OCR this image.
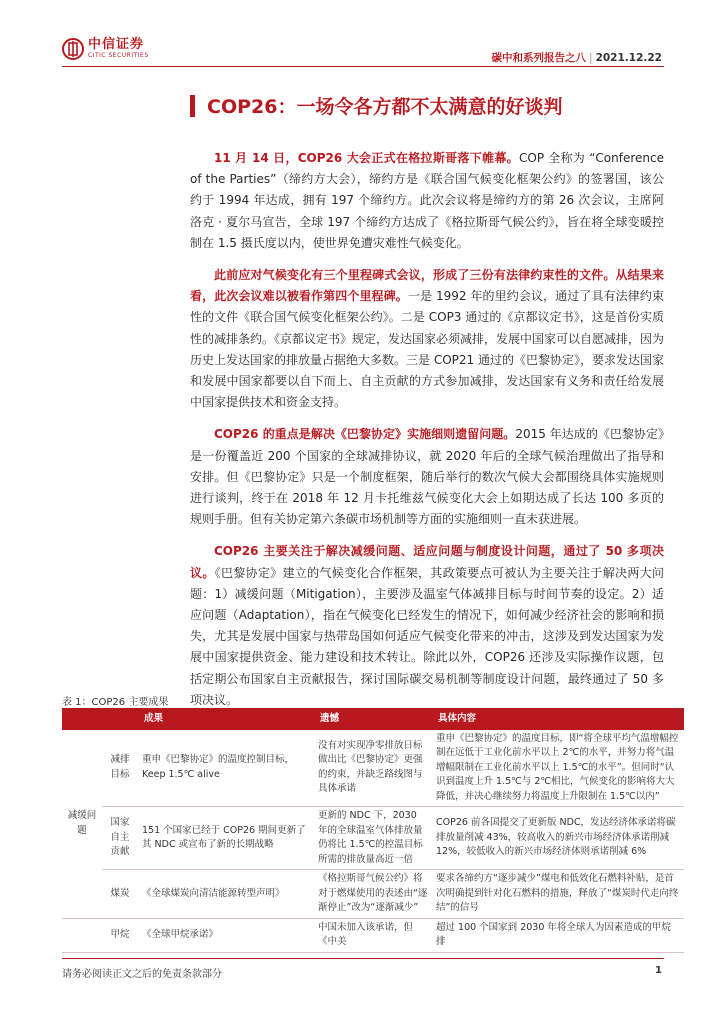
中信证券
CITIC SECURITIES	碳中和系列报告之八 | 2021.12.22
COP26：一场令各方都不太满意的好谈判

11 月 14 日，COP26 大会正式在格拉斯哥落下帷幕。COP 全称为 “Conference of the Parties”（缔约方大会），缔约方是《联合国气候变化框架公约》的签署国，该公约于 1994 年达成，拥有 197 个缔约方。此次会议将是缔约方的第 26 次会议，主席阿洛克 · 夏尔马宣告，全球 197 个缔约方达成了《格拉斯哥气候公约》，旨在将全球变暖控制在 1.5 摄氏度以内，使世界免遭灾难性气候变化。

此前应对气候变化有三个里程碑式会议，形成了三份有法律约束性的文件。从结果来看，此次会议难以被看作第四个里程碑。一是 1992 年的里约会议，通过了具有法律约束性的文件《联合国气候变化框架公约》。二是 COP3 通过的《京都议定书》，这是首份实质性的减排条约。《京都议定书》规定，发达国家必须减排，发展中国家可以自愿减排，因为历史上发达国家的排放量占据绝大多数。三是 COP21 通过的《巴黎协定》，要求发达国家和发展中国家都要以自下而上、自主贡献的方式参加减排，发达国家有义务和责任给发展中国家提供技术和资金支持。

COP26 的重点是解决《巴黎协定》实施细则遗留问题。2015 年达成的《巴黎协定》是一份覆盖近 200 个国家的全球减排协议，就 2020 年后的全球气候治理做出了指导和安排。但《巴黎协定》只是一个制度框架，随后举行的数次气候大会都围绕具体实施规则进行谈判，终于在 2018 年 12 月卡托维兹气候变化大会上如期达成了长达 100 多页的规则手册。但有关协定第六条碳市场机制等方面的实施细则一直未获进展。

COP26 主要关注于解决减缓问题、适应问题与制度设计问题，通过了 50 多项决议。《巴黎协定》建立的气候变化合作框架，其政策要点可被认为主要关注于解决两大问题：1）减缓问题（Mitigation），主要涉及温室气体减排目标与时间节奏的设定。2）适应问题（Adaptation），指在气候变化已经发生的情况下，如何减少经济社会的影响和损失，尤其是发展中国家与热带岛国如何适应气候变化带来的冲击，这涉及到发达国家为发展中国家提供资金、能力建设和技术转让。除此以外，COP26 还涉及实际操作议题，包括定期公布国家自主贡献报告，探讨国际碳交易机制等制度设计问题，最终通过了 50 多项决议。

表 1：COP26 主要成果
		成果	遗憾	具体内容
减缓问题	减排目标	重申《巴黎协定》的温度控制目标，Keep 1.5℃ alive	没有对实现净零排放日标做出比《巴黎协定》更强的约束，并缺乏路线图与具体承诺	重申《巴黎协定》的温度目标，即“将全球平均气温增幅控制在远低于工业化前水平以上 2℃的水平，并努力将气温增幅限制在工业化前水平以上 1.5℃的水平”。但同时“认识到温度上升 1.5℃与 2℃相比，气候变化的影响将大大降低，并决心继续努力将温度上升限制在 1.5℃以内”
	国家自主贡献	151 个国家已经于 COP26 期间更新了其 NDC 或宣布了新的长期战略	更新的 NDC 下，2030 年的全球温室气体排放量仍将比 1.5℃的控温目标所需的排放量高近一倍	COP26 前各国提交了更新版 NDC，发达经济体承诺将碳排放量削减 43%，较高收入的新兴市场经济体承诺削减 12%，较低收入的新兴市场经济体则承诺削减 6%
	煤炭	《全球煤炭向清洁能源转型声明》	《格拉斯哥气候公约》将对于燃煤使用的表述由“逐渐停止”改为“逐渐减少”	要求各缔约方“逐步减少”煤电和低效化石燃料补贴，是首次明确提到针对化石燃料的措施，释放了“煤炭时代走向终结”的信号
	甲烷	《全球甲烷承诺》	中国未加入该承诺，但《中美	超过 100 个国家到 2030 年将全球人为因素造成的甲烷排
请务必阅读正文之后的免责条款部分	1
